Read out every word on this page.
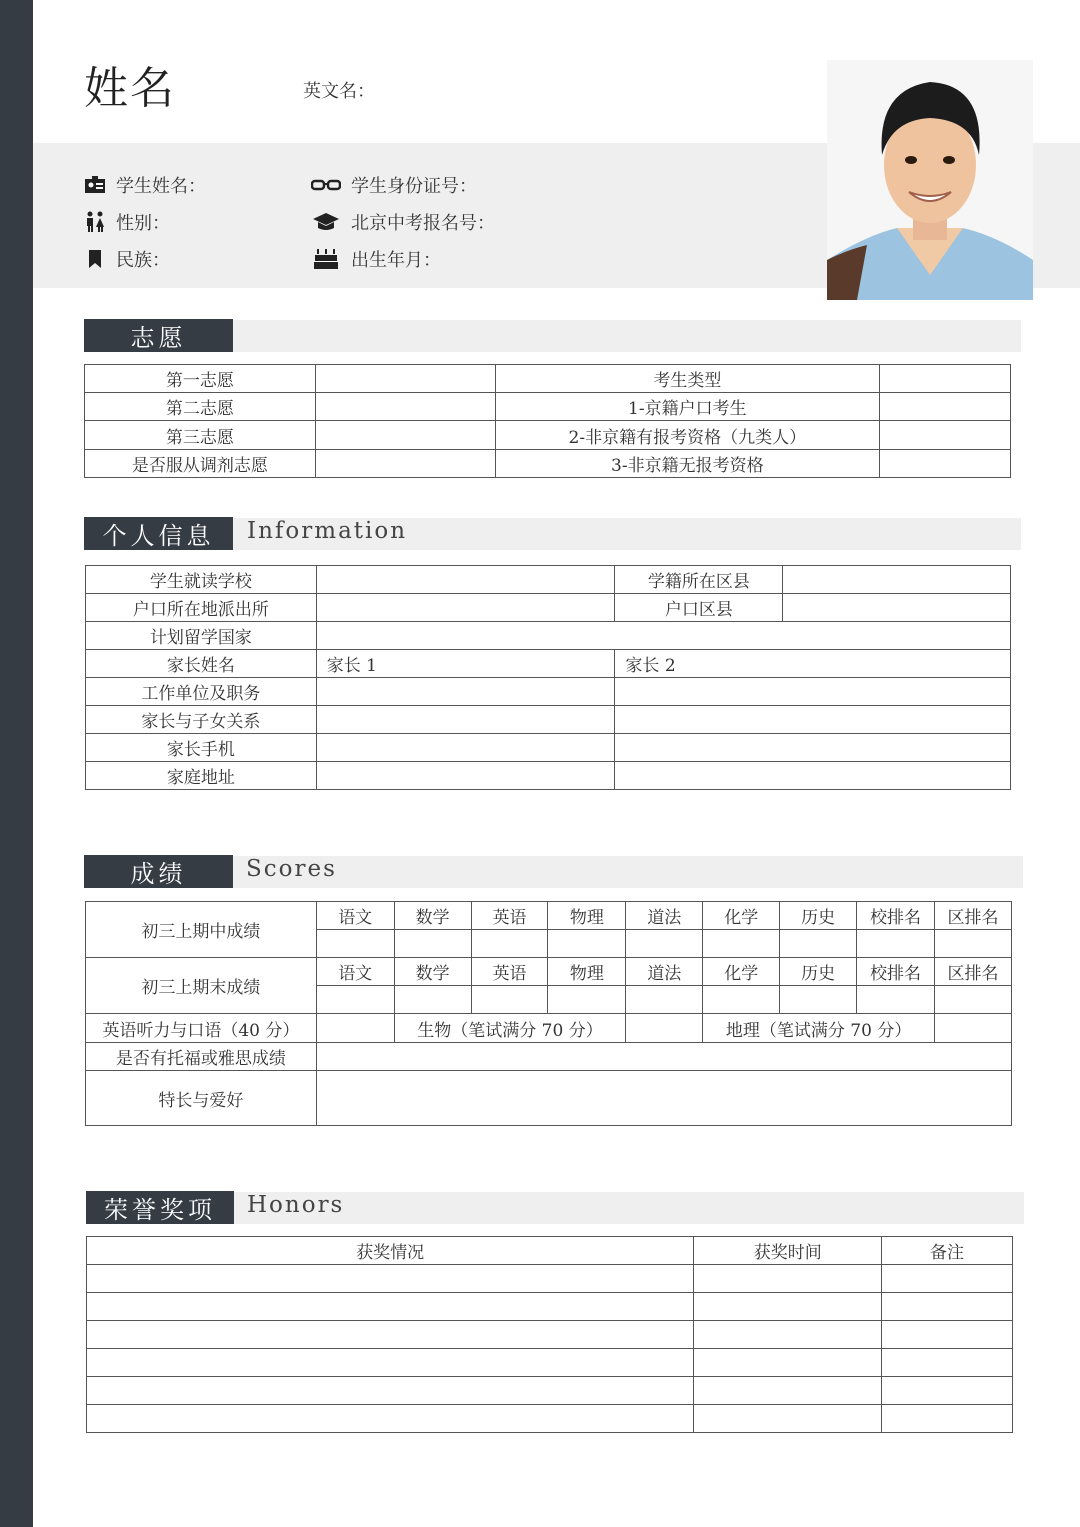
姓名	英文名：
学生姓名：
性别：
民族：
学生身份证号：
北京中考报名号：
出生年月：
志愿
第一志愿		考生类型	
第二志愿		1-京籍户口考生	
第三志愿		2-非京籍有报考资格（九类人）	
是否服从调剂志愿		3-非京籍无报考资格	
个人信息	Information
学生就读学校		学籍所在区县	
户口所在地派出所		户口区县	
计划留学国家			
家长姓名	家长 1	家长 2	
工作单位及职务			
家长与子女关系			
家长手机			
家庭地址			
成绩	Scores
初三上期中成绩	语文	数学	英语	物理	道法	化学	历史	校排名	区排名

初三上期末成绩	语文	数学	英语	物理	道法	化学	历史	校排名	区排名

英语听力与口语（40 分）		生物（笔试满分 70 分）				地理（笔试满分 70 分）			
是否有托福或雅思成绩									
特长与爱好									
荣誉奖项	Honors
获奖情况	获奖时间	备注
